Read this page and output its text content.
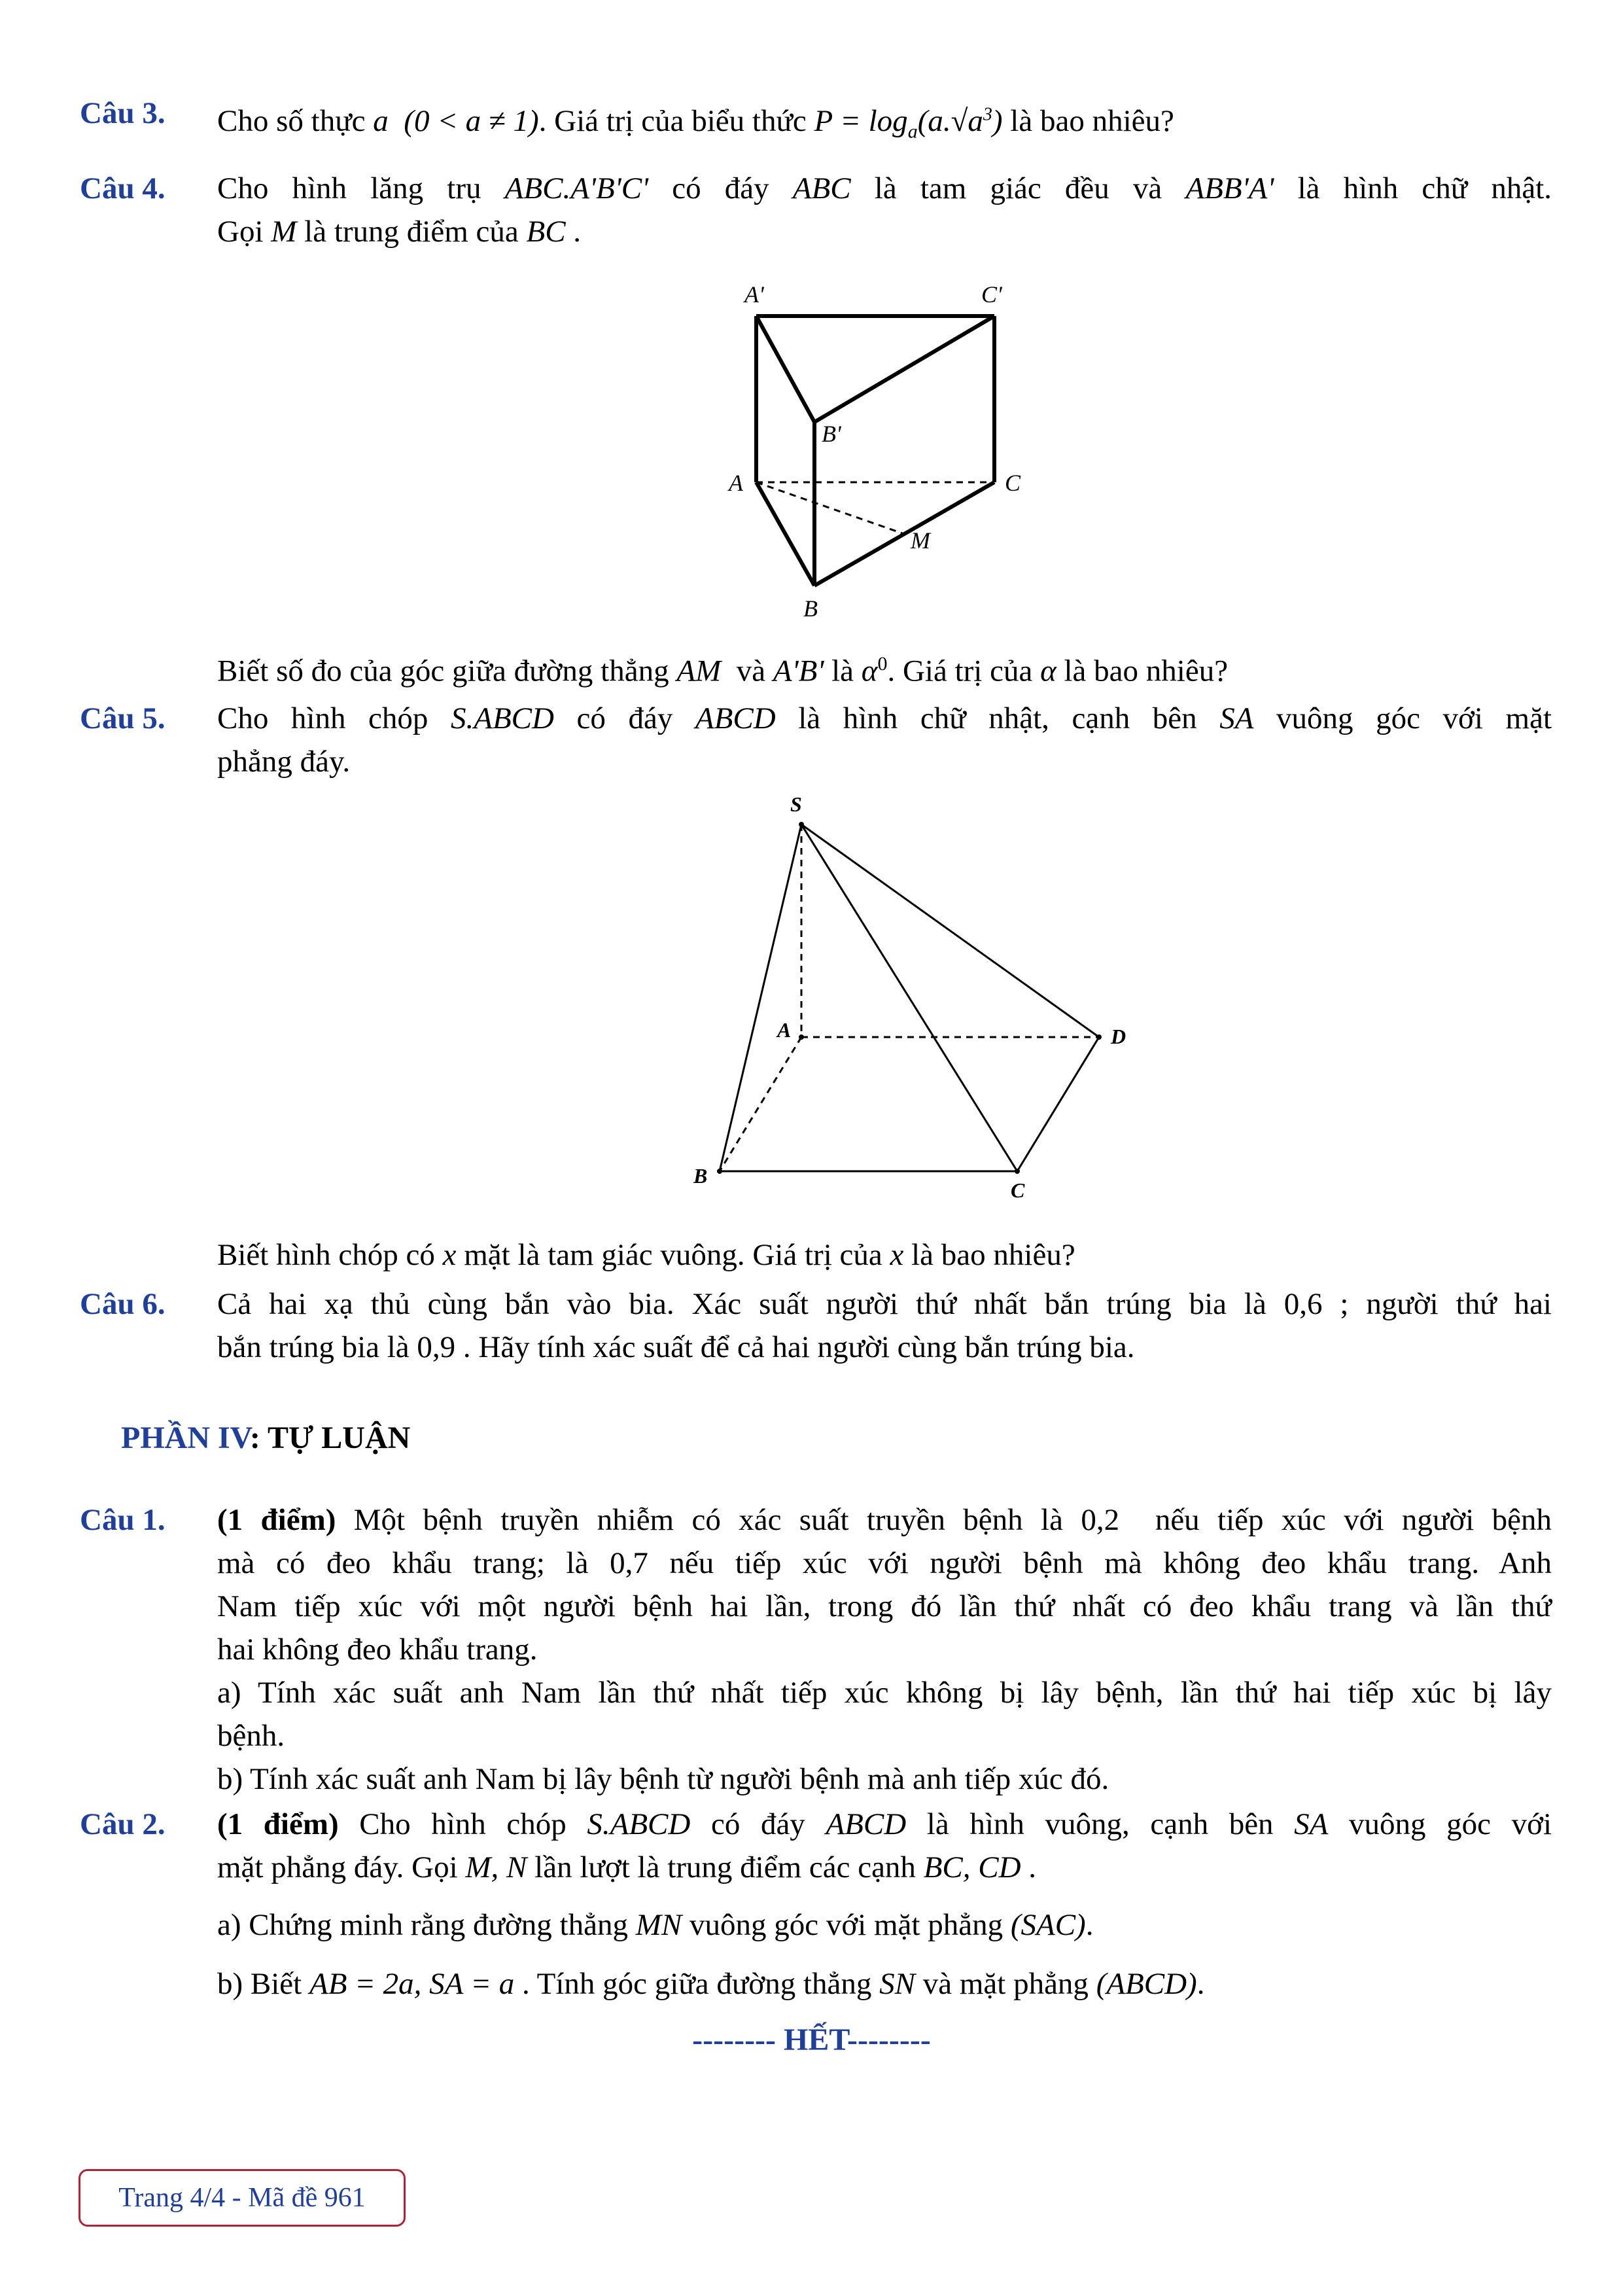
Câu 3. Cho số thực a (0 < a ≠ 1). Giá trị của biểu thức $P = \log_a(a.√a^3)$ là bao nhiêu?
Câu 4. Cho hình lăng trụ ABC.A'B'C' có đáy ABC là tam giác đều và ABB'A' là hình chữ nhật.
Gọi M là trung điểm của BC .
A'	C'
B'
A	C
M
B
Biết số đo của góc giữa đường thẳng AM  và A'B' là $\alpha^0$. Giá trị của α là bao nhiêu?
Câu 5. Cho hình chóp S.ABCD có đáy ABCD là hình chữ nhật, cạnh bên SA vuông góc với mặt
phẳng đáy.
S
A	D
B
C
Biết hình chóp có x mặt là tam giác vuông. Giá trị của x là bao nhiêu?
Câu 6. Cả hai xạ thủ cùng bắn vào bia. Xác suất người thứ nhất bắn trúng bia là 0,6 ; người thứ hai
bắn trúng bia là 0,9 . Hãy tính xác suất để cả hai người cùng bắn trúng bia.
PHẦN IV: TỰ LUẬN
Câu 1. (1 điểm) Một bệnh truyền nhiễm có xác suất truyền bệnh là 0,2  nếu tiếp xúc với người bệnh
mà có đeo khẩu trang; là 0,7 nếu tiếp xúc với người bệnh mà không đeo khẩu trang. Anh
Nam tiếp xúc với một người bệnh hai lần, trong đó lần thứ nhất có đeo khẩu trang và lần thứ
hai không đeo khẩu trang.
a) Tính xác suất anh Nam lần thứ nhất tiếp xúc không bị lây bệnh, lần thứ hai tiếp xúc bị lây
bệnh.
b) Tính xác suất anh Nam bị lây bệnh từ người bệnh mà anh tiếp xúc đó.
Câu 2. (1 điểm) Cho hình chóp S.ABCD có đáy ABCD là hình vuông, cạnh bên SA vuông góc với
mặt phẳng đáy. Gọi M, N lần lượt là trung điểm các cạnh BC, CD .
a) Chứng minh rằng đường thẳng MN vuông góc với mặt phẳng (SAC).
b) Biết AB = 2a, SA = a . Tính góc giữa đường thẳng SN và mặt phẳng (ABCD).
-------- HẾT--------
Trang 4/4 - Mã đề 961
